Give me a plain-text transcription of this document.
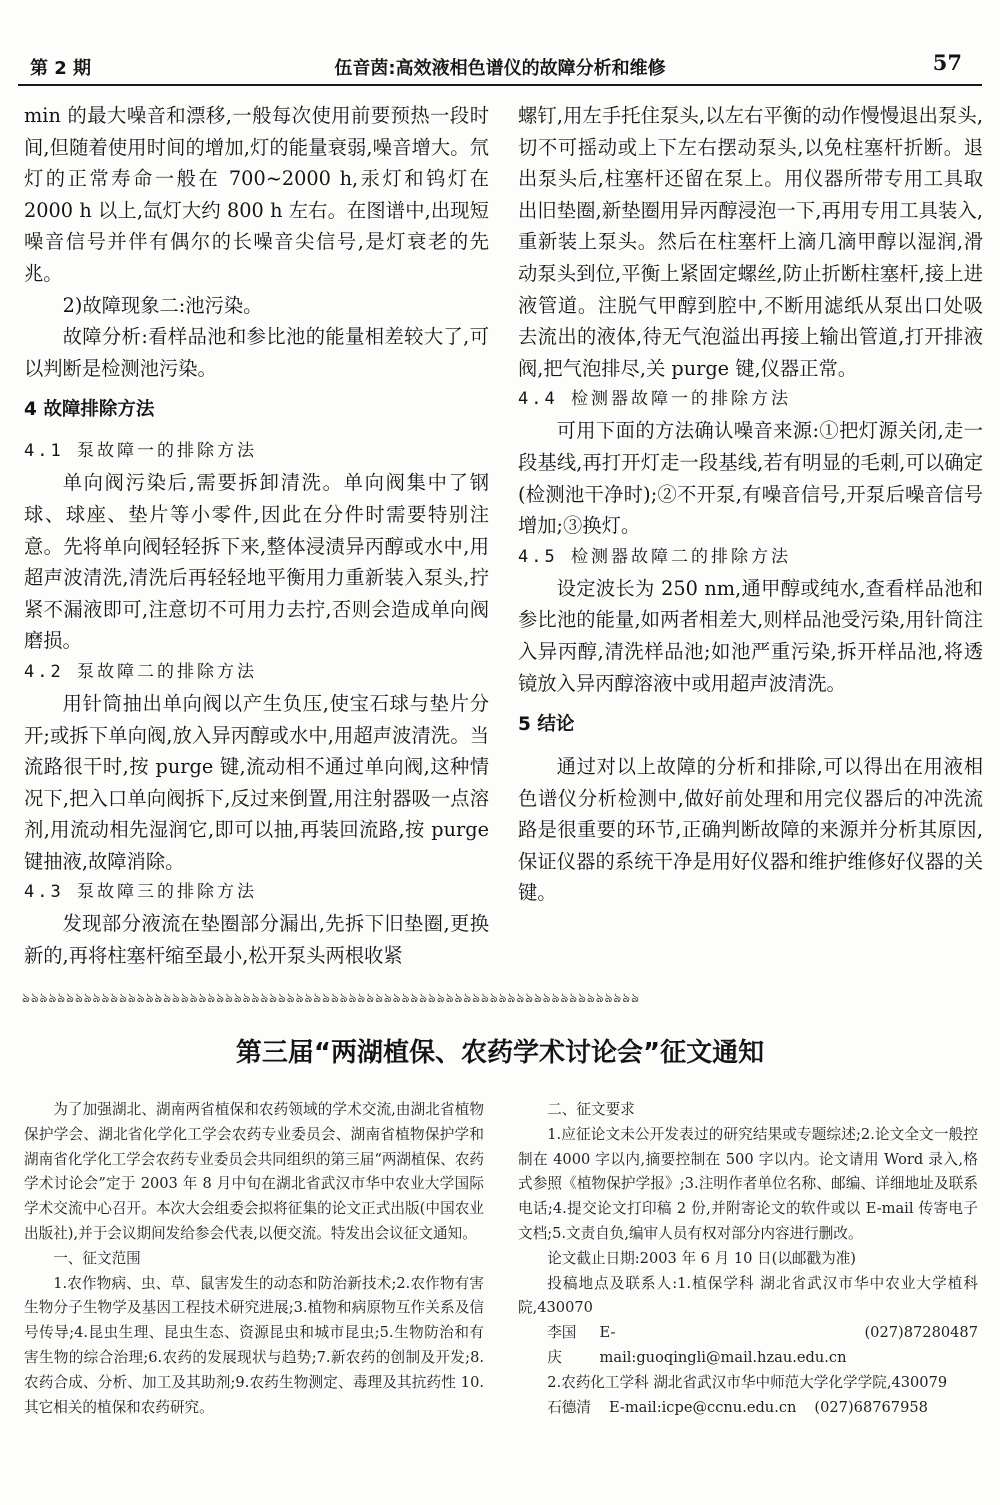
第 2 期	伍音茵:高效液相色谱仪的故障分析和维修	57

min 的最大噪音和漂移,一般每次使用前要预热一段时间,但随着使用时间的增加,灯的能量衰弱,噪音增大。氘灯的正常寿命一般在 700~2000 h,汞灯和钨灯在 2000 h 以上,氙灯大约 800 h 左右。在图谱中,出现短噪音信号并伴有偶尔的长噪音尖信号,是灯衰老的先兆。

2)故障现象二:池污染。

故障分析:看样品池和参比池的能量相差较大了,可以判断是检测池污染。

4 故障排除方法
4.1 泵故障一的排除方法

单向阀污染后,需要拆卸清洗。单向阀集中了钢球、球座、垫片等小零件,因此在分件时需要特别注意。先将单向阀轻轻拆下来,整体浸渍异丙醇或水中,用超声波清洗,清洗后再轻轻地平衡用力重新装入泵头,拧紧不漏液即可,注意切不可用力去拧,否则会造成单向阀磨损。

4.2 泵故障二的排除方法

用针筒抽出单向阀以产生负压,使宝石球与垫片分开;或拆下单向阀,放入异丙醇或水中,用超声波清洗。当流路很干时,按 purge 键,流动相不通过单向阀,这种情况下,把入口单向阀拆下,反过来倒置,用注射器吸一点溶剂,用流动相先湿润它,即可以抽,再装回流路,按 purge 键抽液,故障消除。

4.3 泵故障三的排除方法

发现部分液流在垫圈部分漏出,先拆下旧垫圈,更换新的,再将柱塞杆缩至最小,松开泵头两根收紧

螺钉,用左手托住泵头,以左右平衡的动作慢慢退出泵头,切不可摇动或上下左右摆动泵头,以免柱塞杆折断。退出泵头后,柱塞杆还留在泵上。用仪器所带专用工具取出旧垫圈,新垫圈用异丙醇浸泡一下,再用专用工具装入,重新装上泵头。然后在柱塞杆上滴几滴甲醇以湿润,滑动泵头到位,平衡上紧固定螺丝,防止折断柱塞杆,接上进液管道。注脱气甲醇到腔中,不断用滤纸从泵出口处吸去流出的液体,待无气泡溢出再接上输出管道,打开排液阀,把气泡排尽,关 purge 键,仪器正常。

4.4 检测器故障一的排除方法

可用下面的方法确认噪音来源:①把灯源关闭,走一段基线,再打开灯走一段基线,若有明显的毛刺,可以确定(检测池干净时);②不开泵,有噪音信号,开泵后噪音信号增加;③换灯。

4.5 检测器故障二的排除方法

设定波长为 250 nm,通甲醇或纯水,查看样品池和参比池的能量,如两者相差大,则样品池受污染,用针筒注入异丙醇,清洗样品池;如池严重污染,拆开样品池,将透镜放入异丙醇溶液中或用超声波清洗。

5 结论

通过对以上故障的分析和排除,可以得出在用液相色谱仪分析检测中,做好前处理和用完仪器后的冲洗流路是很重要的环节,正确判断故障的来源并分析其原因,保证仪器的系统干净是用好仪器和维护维修好仪器的关键。

ঌঌঌঌঌঌঌঌঌঌঌঌঌঌঌঌঌঌঌঌঌঌঌঌঌঌঌঌঌঌঌঌঌঌঌঌঌঌঌঌঌঌঌঌঌঌঌঌঌঌঌঌঌঌঌঌঌঌঌঌঌঌঌঌঌঌঌঌঌঌ
第三届“两湖植保、农药学术讨论会”征文通知

为了加强湖北、湖南两省植保和农药领域的学术交流,由湖北省植物保护学会、湖北省化学化工学会农药专业委员会、湖南省植物保护学和湖南省化学化工学会农药专业委员会共同组织的第三届“两湖植保、农药学术讨论会”定于 2003 年 8 月中旬在湖北省武汉市华中农业大学国际学术交流中心召开。本次大会组委会拟将征集的论文正式出版(中国农业出版社),并于会议期间发给参会代表,以便交流。特发出会议征文通知。

一、征文范围

1.农作物病、虫、草、鼠害发生的动态和防治新技术;2.农作物有害生物分子生物学及基因工程技术研究进展;3.植物和病原物互作关系及信号传导;4.昆虫生理、昆虫生态、资源昆虫和城市昆虫;5.生物防治和有害生物的综合治理;6.农药的发展现状与趋势;7.新农药的创制及开发;8.农药合成、分析、加工及其助剂;9.农药生物测定、毒理及其抗药性 10.其它相关的植保和农药研究。

二、征文要求

1.应征论文未公开发表过的研究结果或专题综述;2.论文全文一般控制在 4000 字以内,摘要控制在 500 字以内。论文请用 Word 录入,格式参照《植物保护学报》;3.注明作者单位名称、邮编、详细地址及联系电话;4.提交论文打印稿 2 份,并附寄论文的软件或以 E-mail 传寄电子文档;5.文责自负,编审人员有权对部分内容进行删改。

论文截止日期:2003 年 6 月 10 日(以邮戳为准)

投稿地点及联系人:1.植保学科 湖北省武汉市华中农业大学植科院,430070

李国庆
E-mail:guoqingli@mail.hzau.edu.cn
(027)87280487

2.农药化工学科 湖北省武汉市华中师范大学化学学院,430079

石德清 E-mail:icpe@ccnu.edu.cn (027)68767958
